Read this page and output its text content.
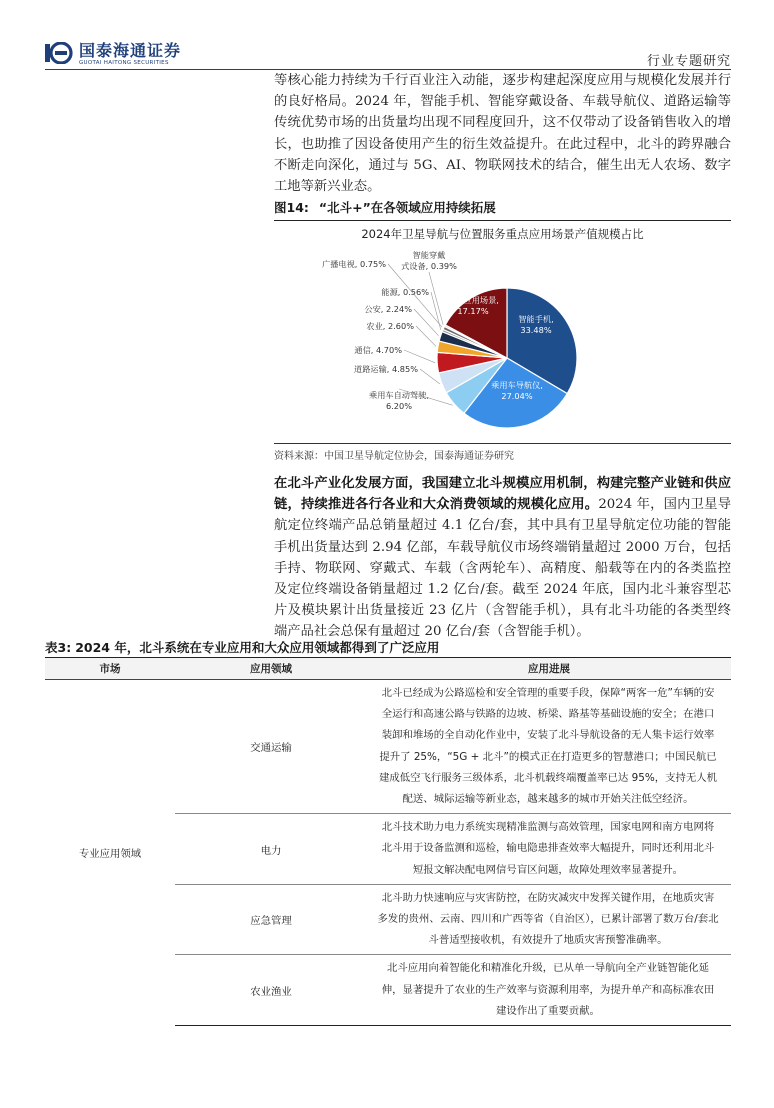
国泰海通证券
GUOTAI HAITONG SECURITIES	行业专题研究

等核心能力持续为千行百业注入动能，逐步构建起深度应用与规模化发展并行的良好格局。2024 年，智能手机、智能穿戴设备、车载导航仪、道路运输等传统优势市场的出货量均出现不同程度回升，这不仅带动了设备销售收入的增长，也助推了因设备使用产生的衍生效益提升。在此过程中，北斗的跨界融合不断走向深化，通过与 5G、AI、物联网技术的结合，催生出无人农场、数字工地等新兴业态。

图14: “北斗+”在各领域应用持续拓展
2024年卫星导航与位置服务重点应用场景产值规模占比
智能手机, 33.48%
乘用车导航仪, 27.04%
乘用车自动驾驶, 6.20%
道路运输, 4.85%
通信, 4.70%
农业, 2.60%
公安, 2.24%
能源, 0.56%
广播电视, 0.75%
智能穿戴式设备, 0.39%
其他应用场景, 17.17%
资料来源：中国卫星导航定位协会，国泰海通证券研究

在北斗产业化发展方面，我国建立北斗规模应用机制，构建完整产业链和供应链，持续推进各行各业和大众消费领域的规模化应用。2024 年，国内卫星导航定位终端产品总销量超过 4.1 亿台/套，其中具有卫星导航定位功能的智能手机出货量达到 2.94 亿部，车载导航仪市场终端销量超过 2000 万台，包括手持、物联网、穿戴式、车载（含两轮车）、高精度、船载等在内的各类监控及定位终端设备销量超过 1.2 亿台/套。截至 2024 年底，国内北斗兼容型芯片及模块累计出货量接近 23 亿片（含智能手机），具有北斗功能的各类型终端产品社会总保有量超过 20 亿台/套（含智能手机）。

表3: 2024 年，北斗系统在专业应用和大众应用领域都得到了广泛应用
市场	应用领域	应用进展
专业应用领域	交通运输	北斗已经成为公路巡检和安全管理的重要手段，保障“两客一危”车辆的安全运行和高速公路与铁路的边坡、桥梁、路基等基础设施的安全；在港口装卸和堆场的全自动化作业中，安装了北斗导航设备的无人集卡运行效率提升了 25%，“5G + 北斗”的模式正在打造更多的智慧港口；中国民航已建成低空飞行服务三级体系，北斗机载终端覆盖率已达 95%，支持无人机配送、城际运输等新业态，越来越多的城市开始关注低空经济。
	电力	北斗技术助力电力系统实现精准监测与高效管理，国家电网和南方电网将北斗用于设备监测和巡检，输电隐患排查效率大幅提升，同时还利用北斗短报文解决配电网信号盲区问题，故障处理效率显著提升。
	应急管理	北斗助力快速响应与灾害防控，在防灾减灾中发挥关键作用，在地质灾害多发的贵州、云南、四川和广西等省（自治区），已累计部署了数万台/套北斗普适型接收机，有效提升了地质灾害预警准确率。
	农业渔业	北斗应用向着智能化和精准化升级，已从单一导航向全产业链智能化延伸，显著提升了农业的生产效率与资源利用率，为提升单产和高标准农田建设作出了重要贡献。
